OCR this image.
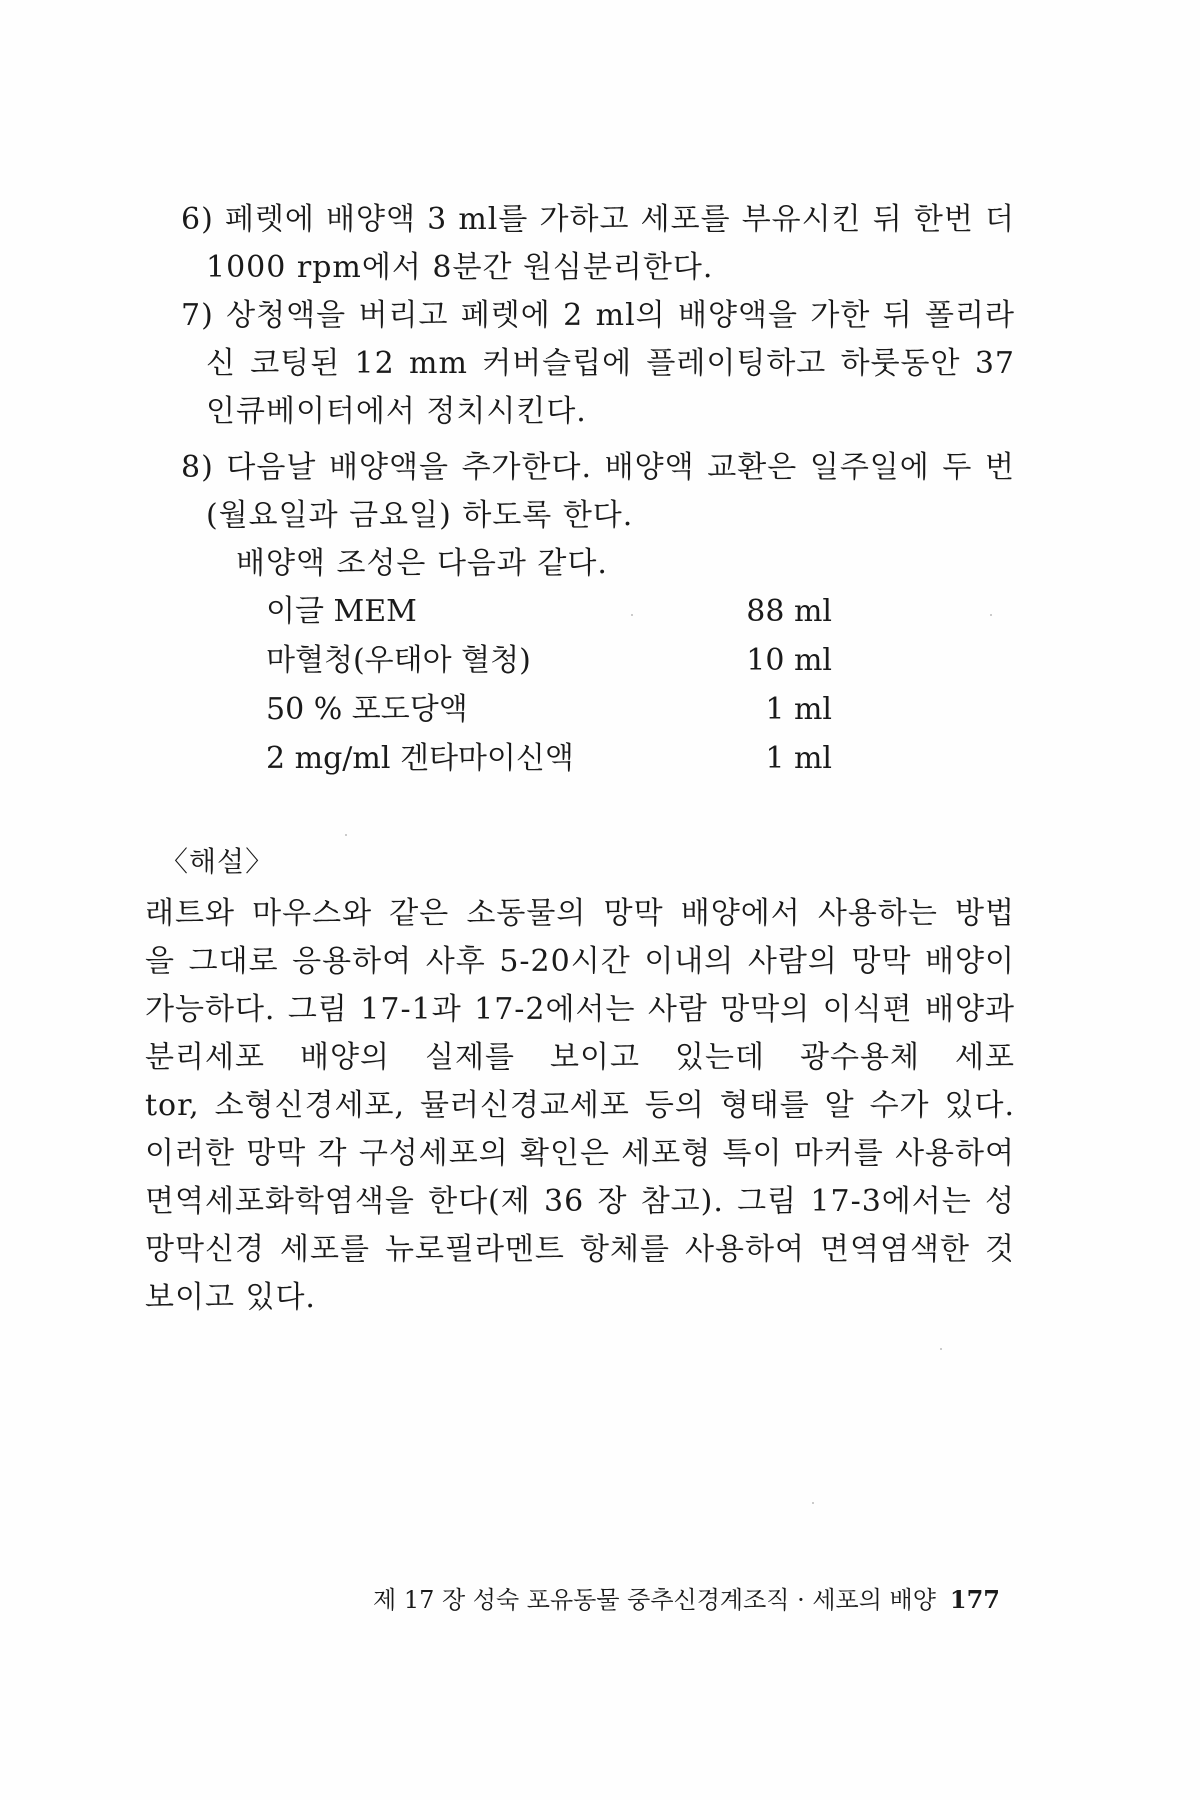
6) 페렛에 배양액 3 ml를 가하고 세포를 부유시킨 뒤 한번 더
1000 rpm에서 8분간 원심분리한다.
7) 상청액을 버리고 페렛에 2 ml의 배양액을 가한 뒤 폴리라
신 코팅된 12 mm 커버슬립에 플레이팅하고 하룻동안 37
인큐베이터에서 정치시킨다.
8) 다음날 배양액을 추가한다. 배양액 교환은 일주일에 두 번
(월요일과 금요일) 하도록 한다.
배양액 조성은 다음과 같다.
이글 MEM	88 ml
마혈청(우태아 혈청)	10 ml
50 % 포도당액	1 ml
2 mg/ml 겐타마이신액	1 ml
〈해설〉
래트와 마우스와 같은 소동물의 망막 배양에서 사용하는 방법
을 그대로 응용하여 사후 5-20시간 이내의 사람의 망막 배양이
가능하다. 그림 17-1과 17-2에서는 사람 망막의 이식편 배양과
분리세포 배양의 실제를 보이고 있는데 광수용체 세포
tor, 소형신경세포, 뮬러신경교세포 등의 형태를 알 수가 있다.
이러한 망막 각 구성세포의 확인은 세포형 특이 마커를 사용하여
면역세포화학염색을 한다(제 36 장 참고). 그림 17-3에서는 성
망막신경 세포를 뉴로필라멘트 항체를 사용하여 면역염색한 것
보이고 있다.
제 17 장 성숙 포유동물 중추신경계조직 · 세포의 배양 177
